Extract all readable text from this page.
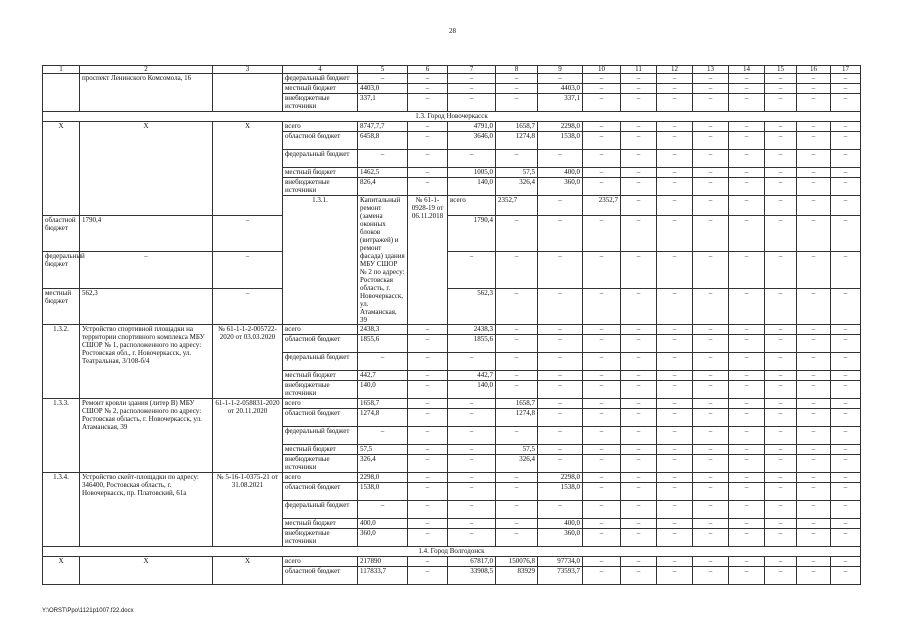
28
1	2	3	4	5	6	7	8	9	10	11	12	13	14	15	16	17	
	проспект Ленинского Комсомола, 16		федеральный бюджет	–	–	–	–	–	–	–	–	–	–	–	–	–	
			местный бюджет	4403,0	–	–	–	4403,0	–	–	–	–	–	–	–	–	
			внебюджетные источники	337,1	–	–	–	337,1	–	–	–	–	–	–	–	–	
1.3. Город Новочеркасск																	
X	X	X	всего	8747,7,7	–	4791,0	1658,7	2298,0	–	–	–	–	–	–	–	–	
			областной бюджет	6458,8	–	3646,0	1274,8	1538,0	–	–	–	–	–	–	–	–	
			федеральный бюджет	–	–	–	–	–	–	–	–	–	–	–	–	–	
			местный бюджет	1462,5	–	1005,0	57,5	400,0	–	–	–	–	–	–	–	–	
			внебюджетные источники	826,4	–	140,0	326,4	360,0	–	–	–	–	–	–	–	–	
			1.3.1.	Капитальный ремонт (замена оконных блоков (витражей) и ремонт фасада) здания МБУ СШОР № 2 по адресу: Ростовская область, г. Новочеркасск, ул. Атаманская, 39	№ 61-1-0928-19 от 06.11.2018	всего	2352,7	–	2352,7	–	–	–	–	–	–	–			
областной бюджет	1790,4	–				1790,4	–	–	–	–	–	–	–	–	–	–	
федеральный бюджет	–	–				–	–	–	–	–	–	–	–	–	–	–	
местный бюджет	562,3	–				562,3	–	–	–	–	–	–	–	–	–	–	
1.3.2.	Устройство спортивной площадки на территории спортивного комплекса МБУ СШОР № 1, расположенного по адресу: Ростовская обл., г. Новочеркасск, ул. Театральная, 3/108-б/4	№ 61-1-1-2-005722-2020 от 03.03.2020	всего	2438,3	–	2438,3	–	–	–	–	–	–	–	–	–	–	
			областной бюджет	1855,6	–	1855,6	–	–	–	–	–	–	–	–	–	–	
			федеральный бюджет	–	–	–	–	–	–	–	–	–	–	–	–	–	
			местный бюджет	442,7	–	442,7	–	–	–	–	–	–	–	–	–	–	
			внебюджетные источники	140,0	–	140,0	–	–	–	–	–	–	–	–	–	–	
1.3.3.	Ремонт кровли здания (литер В) МБУ СШОР № 2, расположенного по адресу: Ростовская область, г. Новочеркасск, ул. Атаманская, 39	61-1-1-2-058831-2020 от 20.11.2020	всего	1658,7	–	–	1658,7	–	–	–	–	–	–	–	–	–	
			областной бюджет	1274,8	–	–	1274,8	–	–	–	–	–	–	–	–	–	
			федеральный бюджет	–	–	–	–	–	–	–	–	–	–	–	–	–	
			местный бюджет	57,5	–	–	57,5	–	–	–	–	–	–	–	–	–	
			внебюджетные источники	326,4	–	–	326,4	–	–	–	–	–	–	–	–	–	
1.3.4.	Устройство скейт-площадки по адресу: 346400, Ростовская область, г. Новочеркасск, пр. Платовский, 61а	№ 5-16-1-0375-21 от 31.08.2021	всего	2298,0	–	–	–	2298,0	–	–	–	–	–	–	–	–	
			областной бюджет	1538,0	–	–	–	1538,0	–	–	–	–	–	–	–	–	
			федеральный бюджет	–	–	–	–	–	–	–	–	–	–	–	–	–	
			местный бюджет	400,0	–	–	–	400,0	–	–	–	–	–	–	–	–	
			внебюджетные источники	360,0	–	–	–	360,0	–	–	–	–	–	–	–	–	
1.4. Город Волгодонск																	
X	X	X	всего	217890	–	67817,0	150076,8	97734,0	–	–	–	–	–	–	–	–	
			областной бюджет	117833,7	–	33908,5	83929	73593,7	–	–	–	–	–	–	–	–	
Y:\ORST\Ppo\1121p1007.f22.docx
